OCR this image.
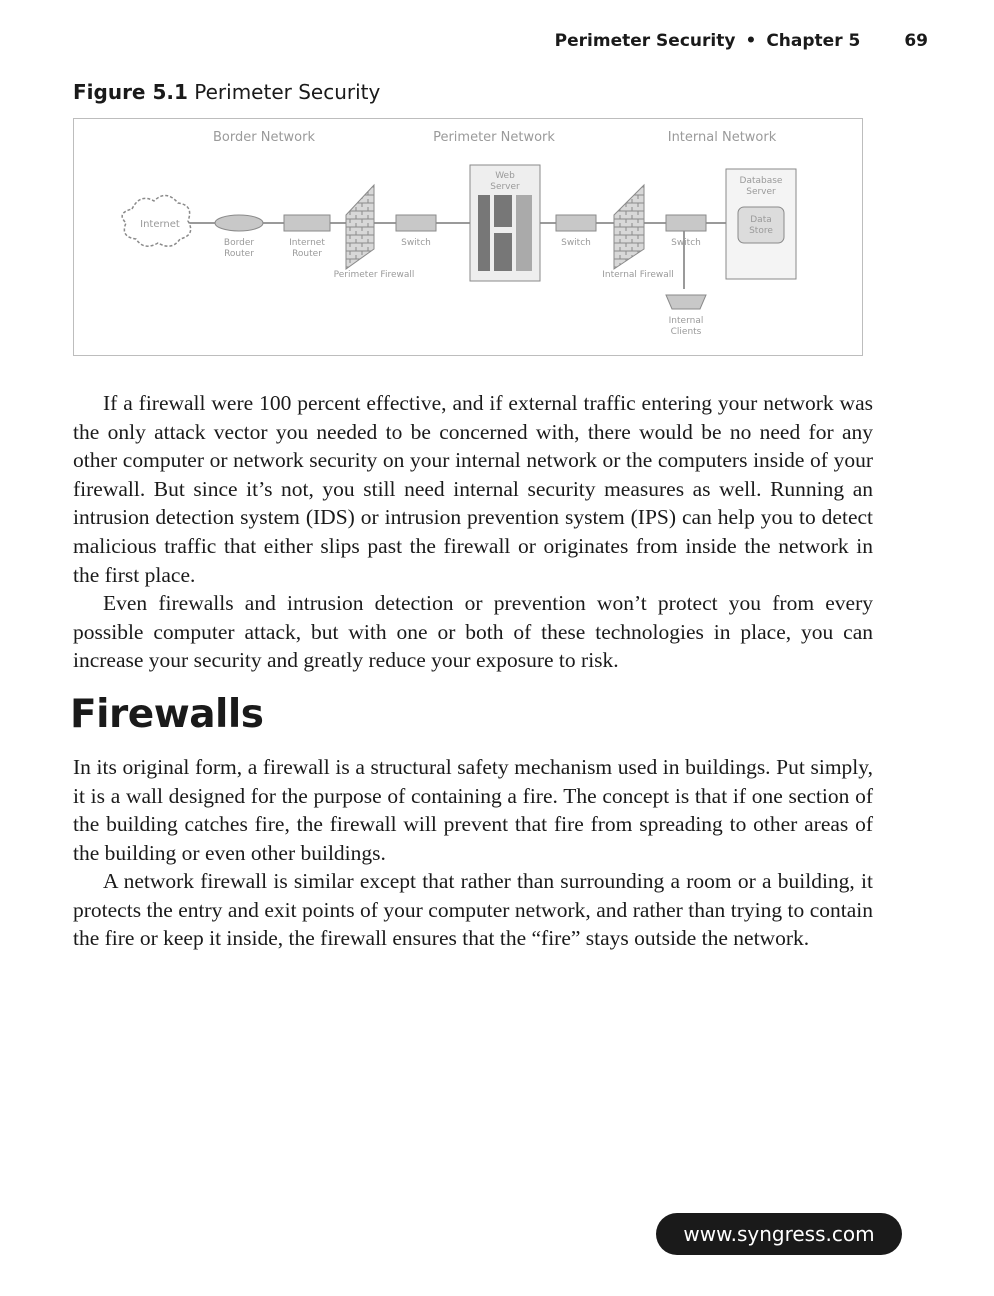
Perimeter Security • Chapter 5	69
Figure 5.1 Perimeter Security
Border Network	Perimeter Network	Internal Network
Internet
Border
Router
Internet
Router
Perimeter Firewall
Switch
Web
Server
Switch
Internal Firewall
Switch
Database
Server
Data
Store
Internal
Clients

If a firewall were 100 percent effective, and if external traffic entering your network was the only attack vector you needed to be concerned with, there would be no need for any other computer or network security on your internal network or the computers inside of your firewall. But since it’s not, you still need internal security measures as well. Running an intrusion detection system (IDS) or intrusion prevention system (IPS) can help you to detect malicious traffic that either slips past the firewall or originates from inside the network in the first place.

Even firewalls and intrusion detection or prevention won’t protect you from every possible computer attack, but with one or both of these technologies in place, you can increase your security and greatly reduce your exposure to risk.

Firewalls

In its original form, a firewall is a structural safety mechanism used in buildings. Put simply, it is a wall designed for the purpose of containing a fire. The concept is that if one section of the building catches fire, the firewall will prevent that fire from spreading to other areas of the building or even other buildings.

A network firewall is similar except that rather than surrounding a room or a building, it protects the entry and exit points of your computer network, and rather than trying to contain the fire or keep it inside, the firewall ensures that the “fire” stays outside the network.

www.syngress.com
